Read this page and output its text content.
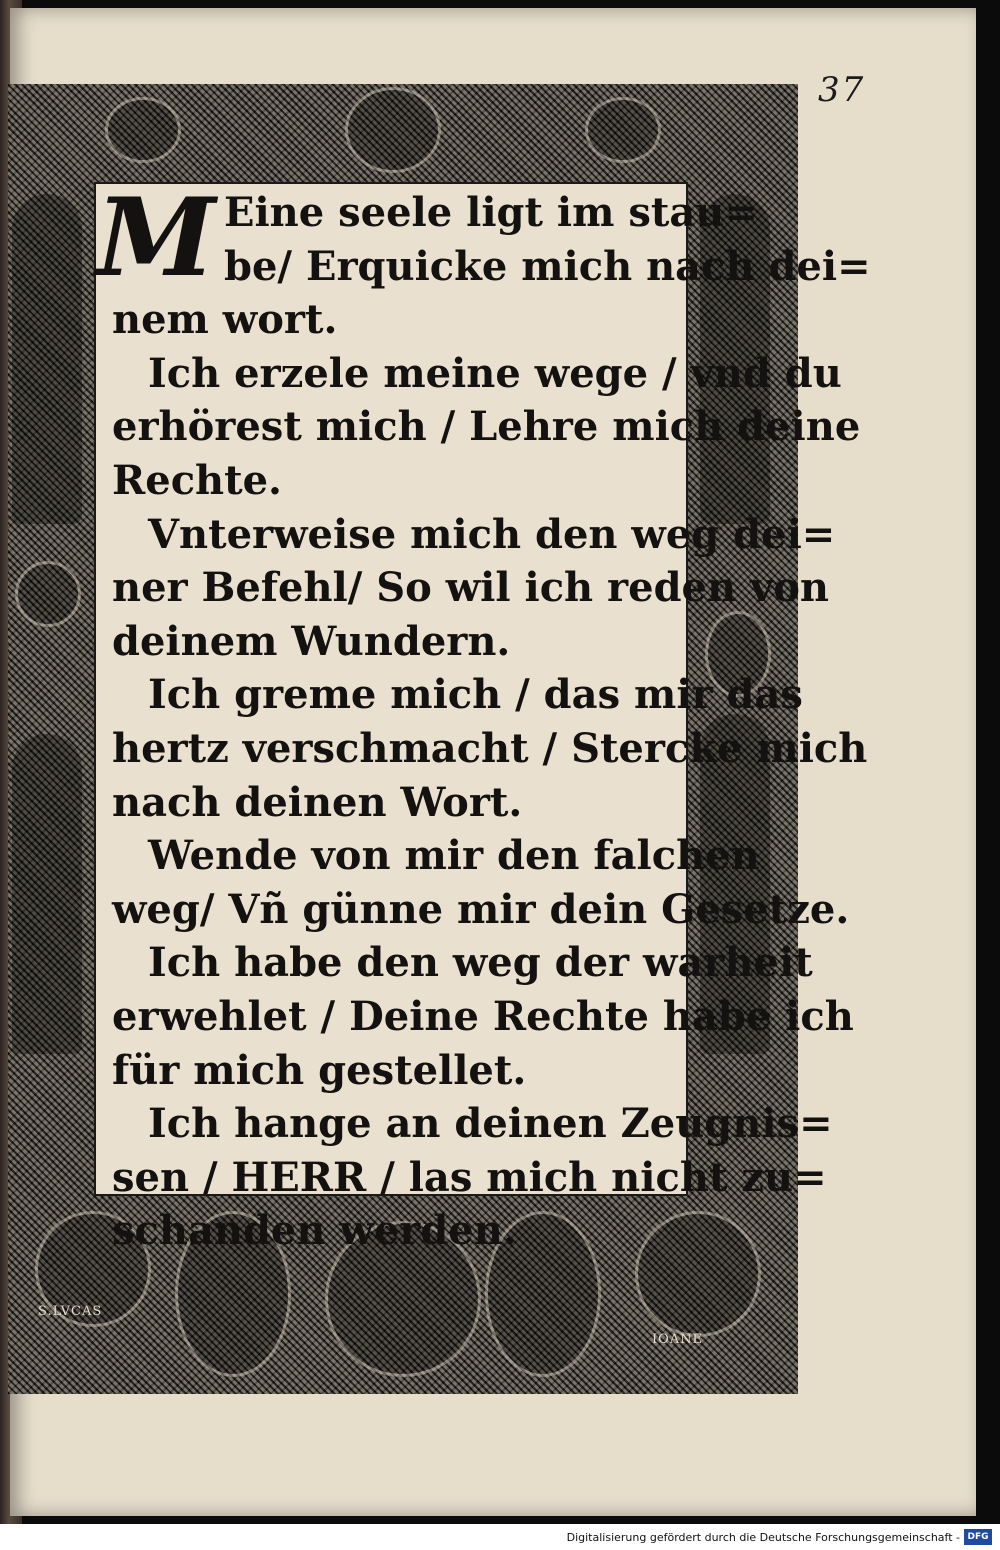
37
M Eine seele ligt im stau=
be/ Erquicke mich nach dei=
nem wort.
Ich erzele meine wege / vnd du
erhörest mich / Lehre mich deine
Rechte.
Vnterweise mich den weg dei=
ner Befehl/ So wil ich reden von
deinem Wundern.
Ich greme mich / das mir das
hertz verschmacht / Stercke mich
nach deinen Wort.
Wende von mir den falchen
weg/ Vñ günne mir dein Gesetze.
Ich habe den weg der warheit
erwehlet / Deine Rechte habe ich
für mich gestellet.
Ich hange an deinen Zeugnis=
sen / HERR / las mich nicht zu=
schanden werden.
S.LVCAS
IOANE
Digitalisierung gefördert durch die Deutsche Forschungsgemeinschaft - DFG
